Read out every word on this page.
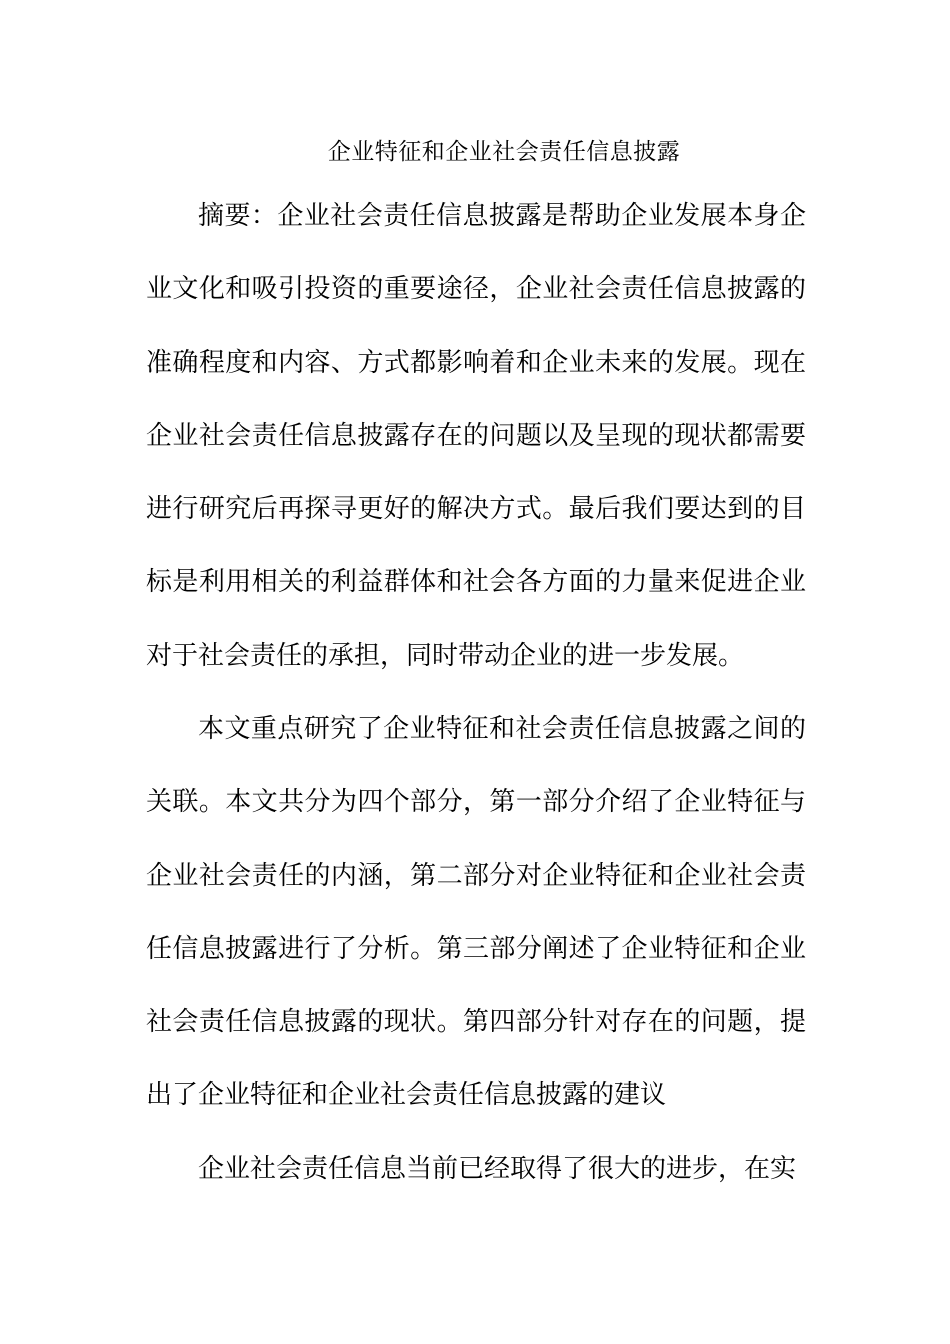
企业特征和企业社会责任信息披露

摘要：企业社会责任信息披露是帮助企业发展本身企业文化和吸引投资的重要途径，企业社会责任信息披露的准确程度和内容、方式都影响着和企业未来的发展。现在企业社会责任信息披露存在的问题以及呈现的现状都需要进行研究后再探寻更好的解决方式。最后我们要达到的目标是利用相关的利益群体和社会各方面的力量来促进企业对于社会责任的承担，同时带动企业的进一步发展。

本文重点研究了企业特征和社会责任信息披露之间的关联。本文共分为四个部分，第一部分介绍了企业特征与企业社会责任的内涵，第二部分对企业特征和企业社会责任信息披露进行了分析。第三部分阐述了企业特征和企业社会责任信息披露的现状。第四部分针对存在的问题，提出了企业特征和企业社会责任信息披露的建议

企业社会责任信息当前已经取得了很大的进步，在实
